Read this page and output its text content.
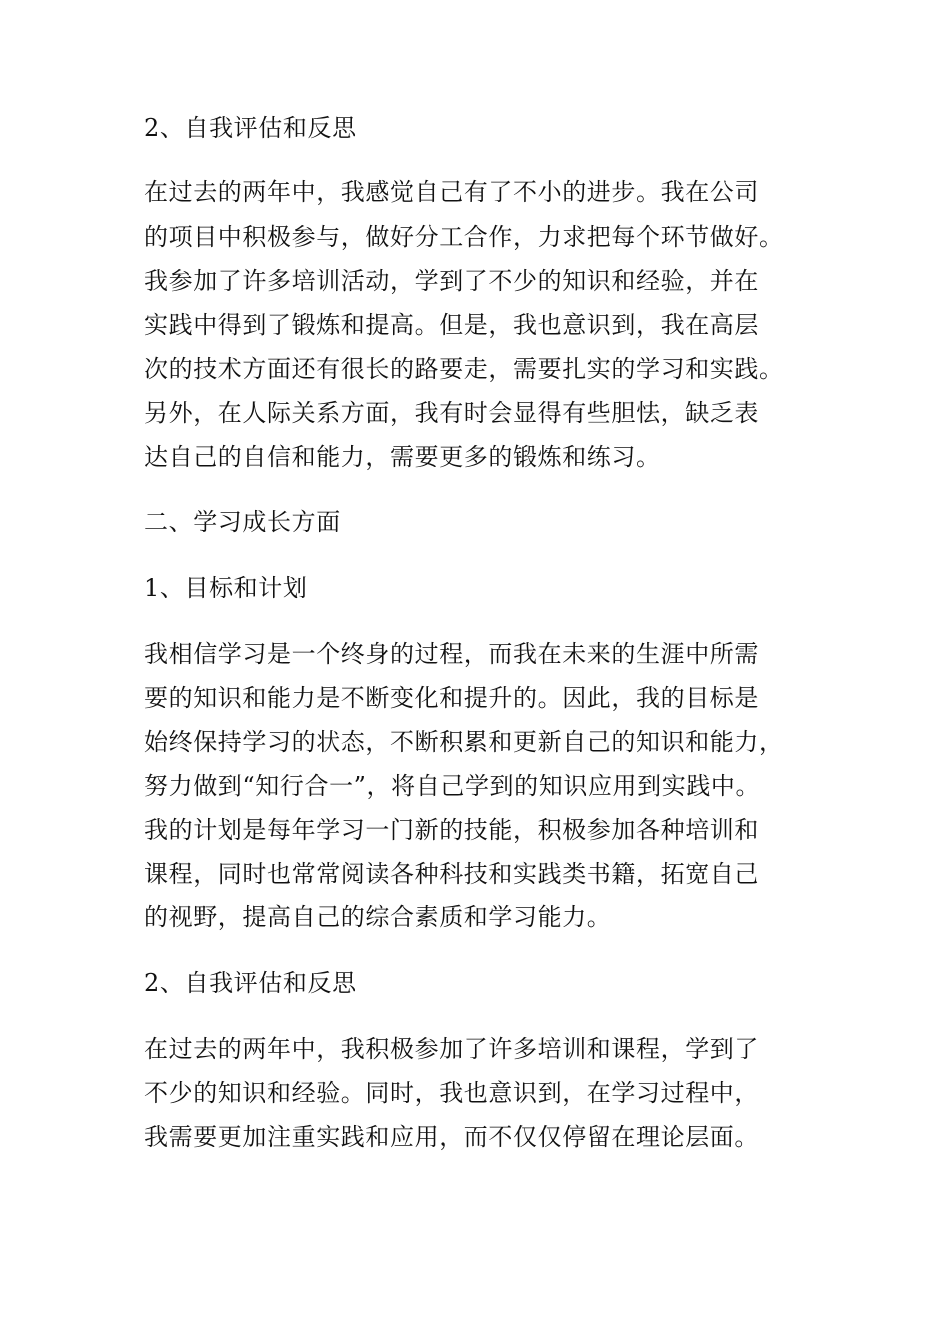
2、自我评估和反思
在过去的两年中，我感觉自己有了不小的进步。我在公司
的项目中积极参与，做好分工合作，力求把每个环节做好。
我参加了许多培训活动，学到了不少的知识和经验，并在
实践中得到了锻炼和提高。但是，我也意识到，我在高层
次的技术方面还有很长的路要走，需要扎实的学习和实践。
另外，在人际关系方面，我有时会显得有些胆怯，缺乏表
达自己的自信和能力，需要更多的锻炼和练习。
二、学习成长方面
1、目标和计划
我相信学习是一个终身的过程，而我在未来的生涯中所需
要的知识和能力是不断变化和提升的。因此，我的目标是
始终保持学习的状态，不断积累和更新自己的知识和能力，
努力做到“知行合一”，将自己学到的知识应用到实践中。
我的计划是每年学习一门新的技能，积极参加各种培训和
课程，同时也常常阅读各种科技和实践类书籍，拓宽自己
的视野，提高自己的综合素质和学习能力。
2、自我评估和反思
在过去的两年中，我积极参加了许多培训和课程，学到了
不少的知识和经验。同时，我也意识到，在学习过程中，
我需要更加注重实践和应用，而不仅仅停留在理论层面。
